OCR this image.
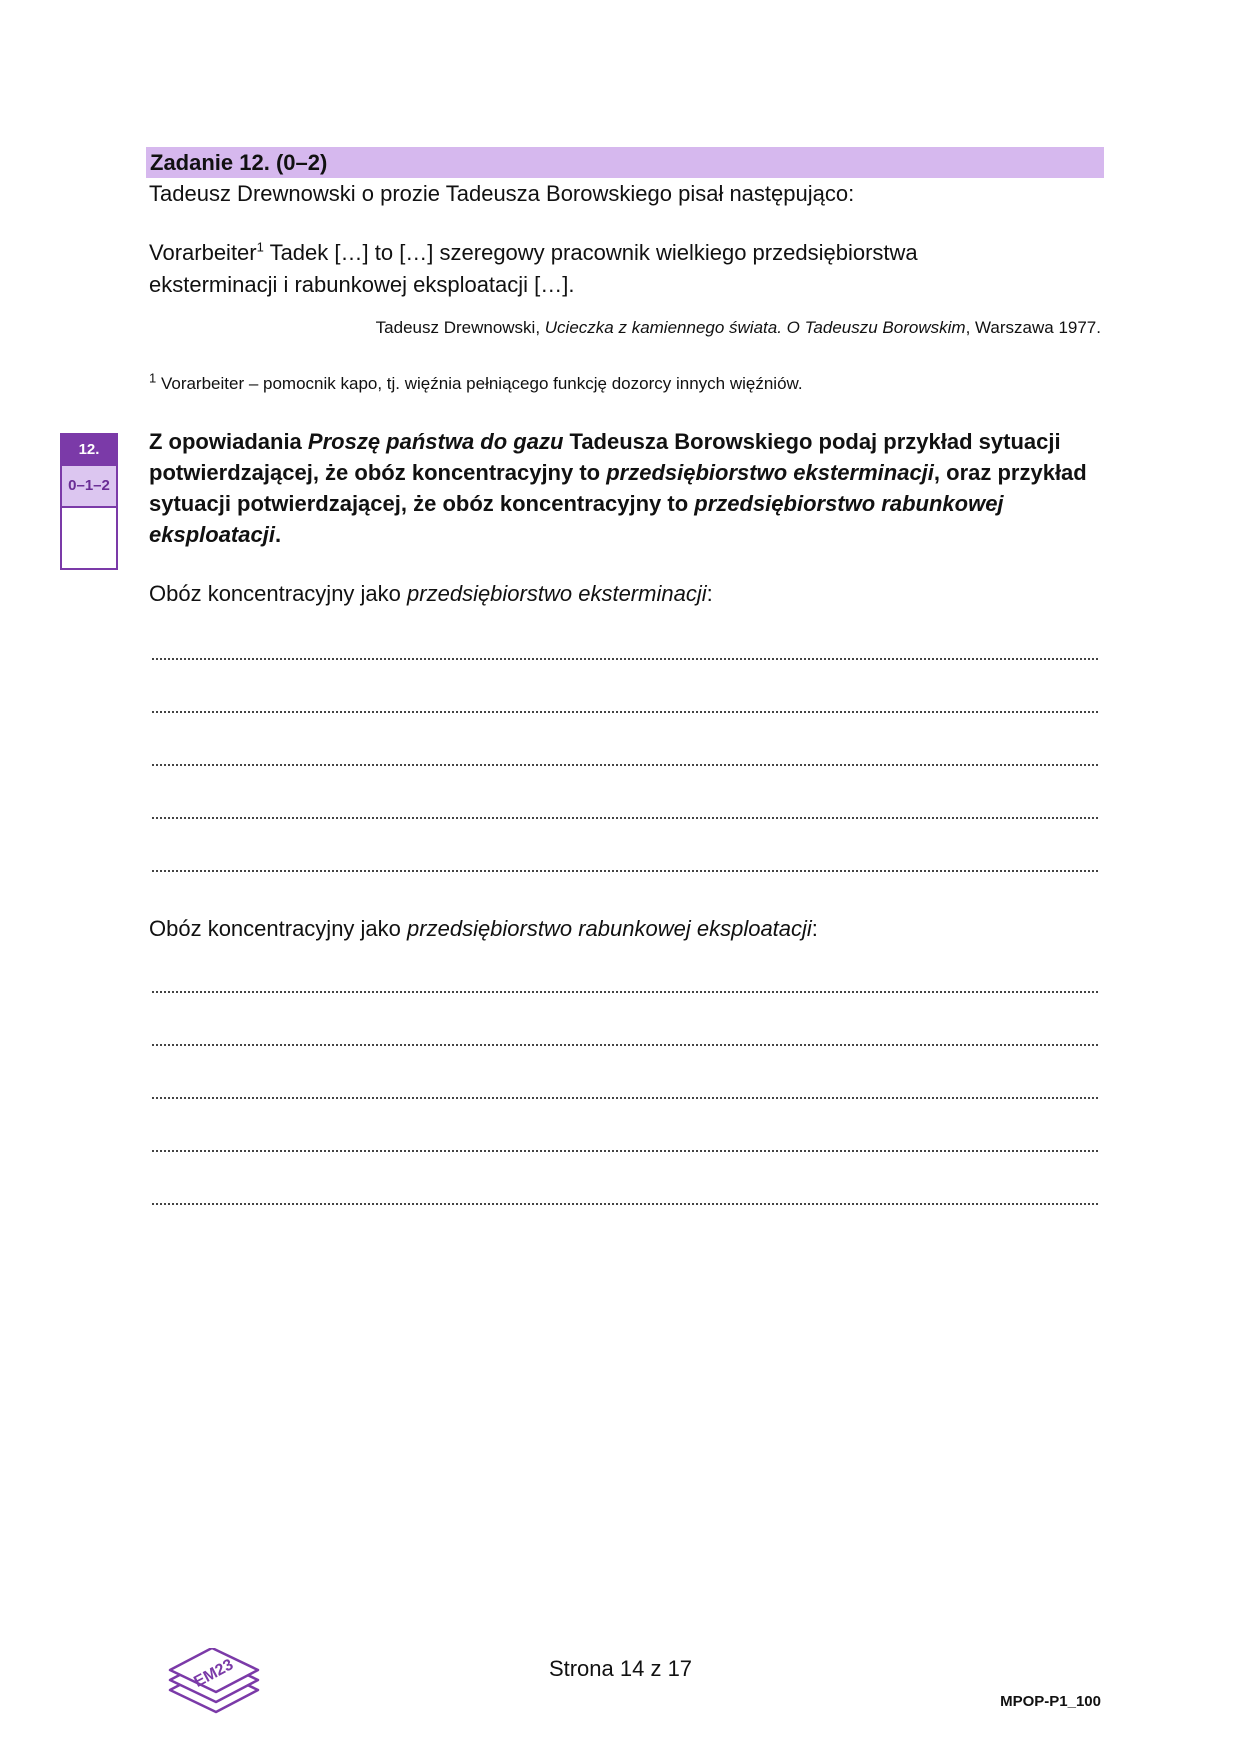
Zadanie 12. (0–2)
Tadeusz Drewnowski o prozie Tadeusza Borowskiego pisał następująco:
Vorarbeiter$^1$ Tadek […] to […] szeregowy pracownik wielkiego przedsiębiorstwa
eksterminacji i rabunkowej eksploatacji […].
Tadeusz Drewnowski, Ucieczka z kamiennego świata. O Tadeuszu Borowskim, Warszawa 1977.
$^1$ Vorarbeiter – pomocnik kapo, tj. więźnia pełniącego funkcję dozorcy innych więźniów.
12.
0–1–2
Z opowiadania Proszę państwa do gazu Tadeusza Borowskiego podaj przykład sytuacji potwierdzającej, że obóz koncentracyjny to przedsiębiorstwo eksterminacji, oraz przykład sytuacji potwierdzającej, że obóz koncentracyjny to przedsiębiorstwo rabunkowej eksploatacji.
Obóz koncentracyjny jako przedsiębiorstwo eksterminacji:
Obóz koncentracyjny jako przedsiębiorstwo rabunkowej eksploatacji:
EM23	Strona 14 z 17
MPOP-P1_100
